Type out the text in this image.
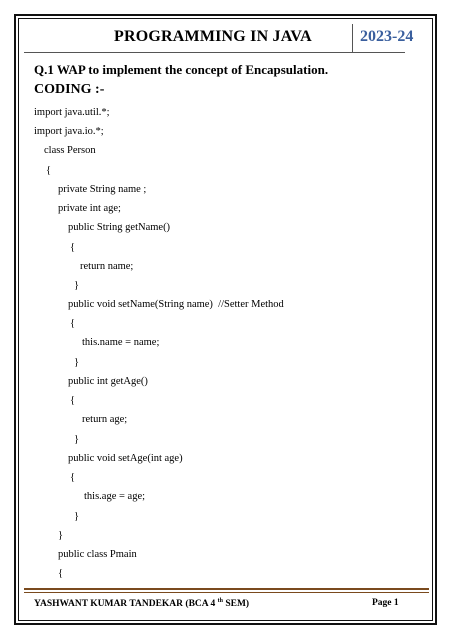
PROGRAMMING IN JAVA	2023-24
Q.1 WAP to implement the concept of Encapsulation.
CODING :-
import java.util.*;
import java.io.*;
class Person
{
private String name ;
private int age;
public String getName()
{
return name;
}
public void setName(String name)  //Setter Method
{
this.name = name;
}
public int getAge()
{
return age;
}
public void setAge(int age)
{
this.age = age;
}
}
public class Pmain
{
YASHWANT KUMAR TANDEKAR (BCA 4 $^{th}$ SEM)	Page 1
